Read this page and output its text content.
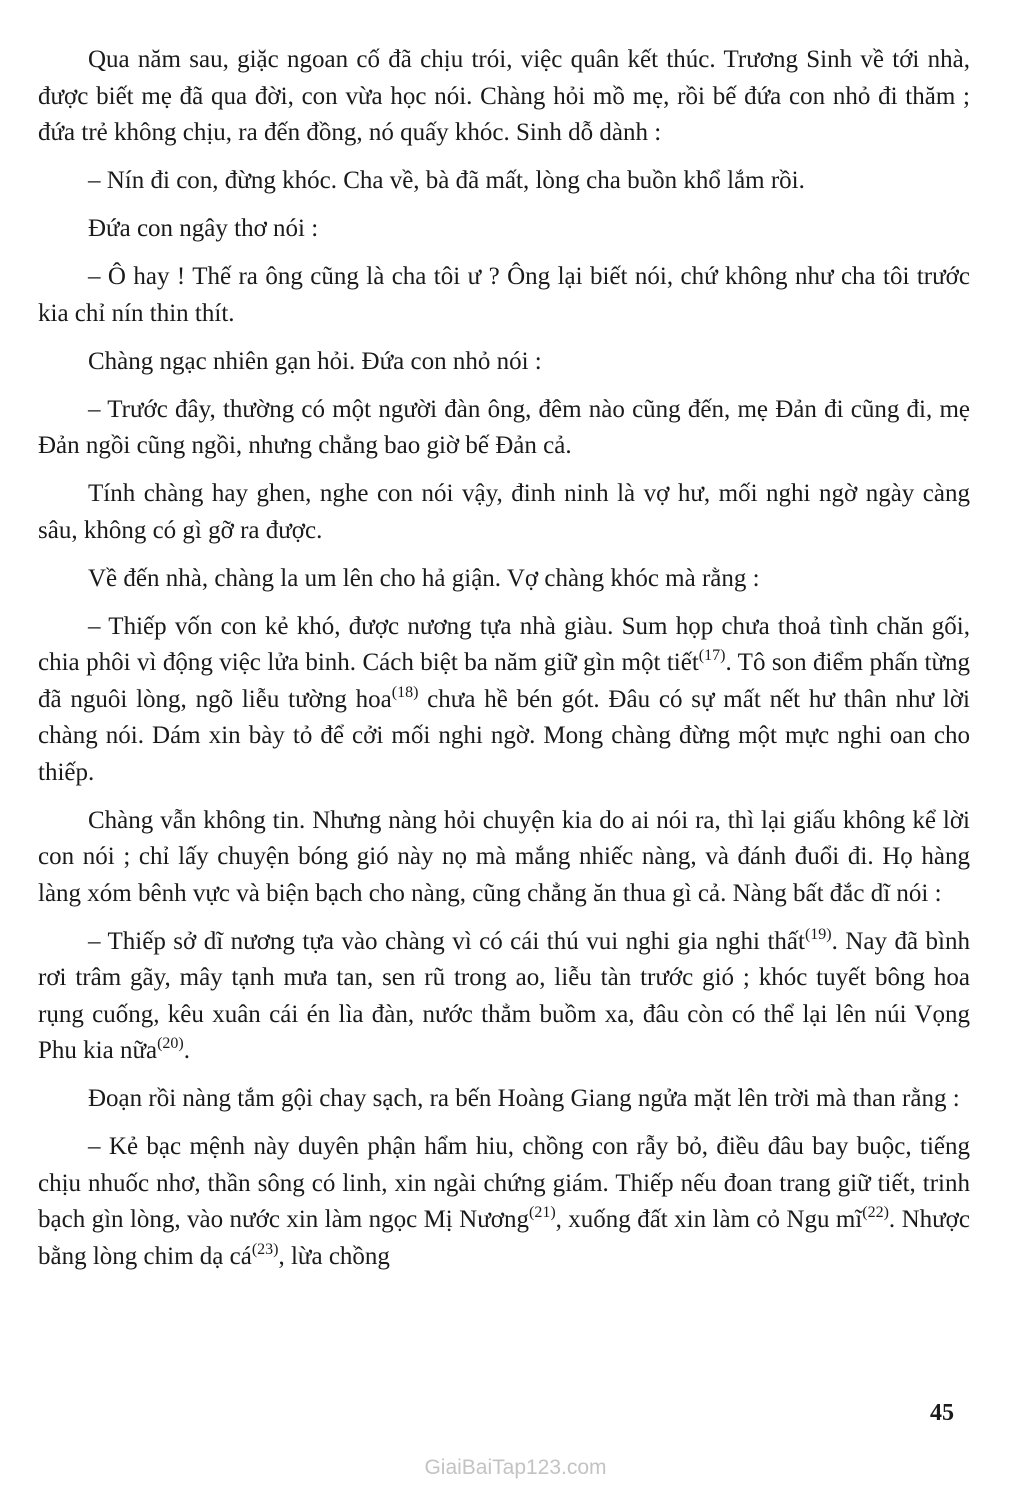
Qua năm sau, giặc ngoan cố đã chịu trói, việc quân kết thúc. Trương Sinh về tới nhà, được biết mẹ đã qua đời, con vừa học nói. Chàng hỏi mồ mẹ, rồi bế đứa con nhỏ đi thăm ; đứa trẻ không chịu, ra đến đồng, nó quấy khóc. Sinh dỗ dành :

– Nín đi con, đừng khóc. Cha về, bà đã mất, lòng cha buồn khổ lắm rồi.

Đứa con ngây thơ nói :

– Ô hay ! Thế ra ông cũng là cha tôi ư ? Ông lại biết nói, chứ không như cha tôi trước kia chỉ nín thin thít.

Chàng ngạc nhiên gạn hỏi. Đứa con nhỏ nói :

– Trước đây, thường có một người đàn ông, đêm nào cũng đến, mẹ Đản đi cũng đi, mẹ Đản ngồi cũng ngồi, nhưng chẳng bao giờ bế Đản cả.

Tính chàng hay ghen, nghe con nói vậy, đinh ninh là vợ hư, mối nghi ngờ ngày càng sâu, không có gì gỡ ra được.

Về đến nhà, chàng la um lên cho hả giận. Vợ chàng khóc mà rằng :

– Thiếp vốn con kẻ khó, được nương tựa nhà giàu. Sum họp chưa thoả tình chăn gối, chia phôi vì động việc lửa binh. Cách biệt ba năm giữ gìn một tiết$^{(17)}$. Tô son điểm phấn từng đã nguôi lòng, ngõ liễu tường hoa$^{(18)}$ chưa hề bén gót. Đâu có sự mất nết hư thân như lời chàng nói. Dám xin bày tỏ để cởi mối nghi ngờ. Mong chàng đừng một mực nghi oan cho thiếp.

Chàng vẫn không tin. Nhưng nàng hỏi chuyện kia do ai nói ra, thì lại giấu không kể lời con nói ; chỉ lấy chuyện bóng gió này nọ mà mắng nhiếc nàng, và đánh đuổi đi. Họ hàng làng xóm bênh vực và biện bạch cho nàng, cũng chẳng ăn thua gì cả. Nàng bất đắc dĩ nói :

– Thiếp sở dĩ nương tựa vào chàng vì có cái thú vui nghi gia nghi thất$^{(19)}$. Nay đã bình rơi trâm gãy, mây tạnh mưa tan, sen rũ trong ao, liễu tàn trước gió ; khóc tuyết bông hoa rụng cuống, kêu xuân cái én lìa đàn, nước thẳm buồm xa, đâu còn có thể lại lên núi Vọng Phu kia nữa$^{(20)}$.

Đoạn rồi nàng tắm gội chay sạch, ra bến Hoàng Giang ngửa mặt lên trời mà than rằng :

– Kẻ bạc mệnh này duyên phận hẩm hiu, chồng con rẫy bỏ, điều đâu bay buộc, tiếng chịu nhuốc nhơ, thần sông có linh, xin ngài chứng giám. Thiếp nếu đoan trang giữ tiết, trinh bạch gìn lòng, vào nước xin làm ngọc Mị Nương$^{(21)}$, xuống đất xin làm cỏ Ngu $mĩ^{(22)}$. Nhược bằng lòng chim dạ $cá^{(23)}$, lừa chồng

45
GiaiBaiTap123.com
